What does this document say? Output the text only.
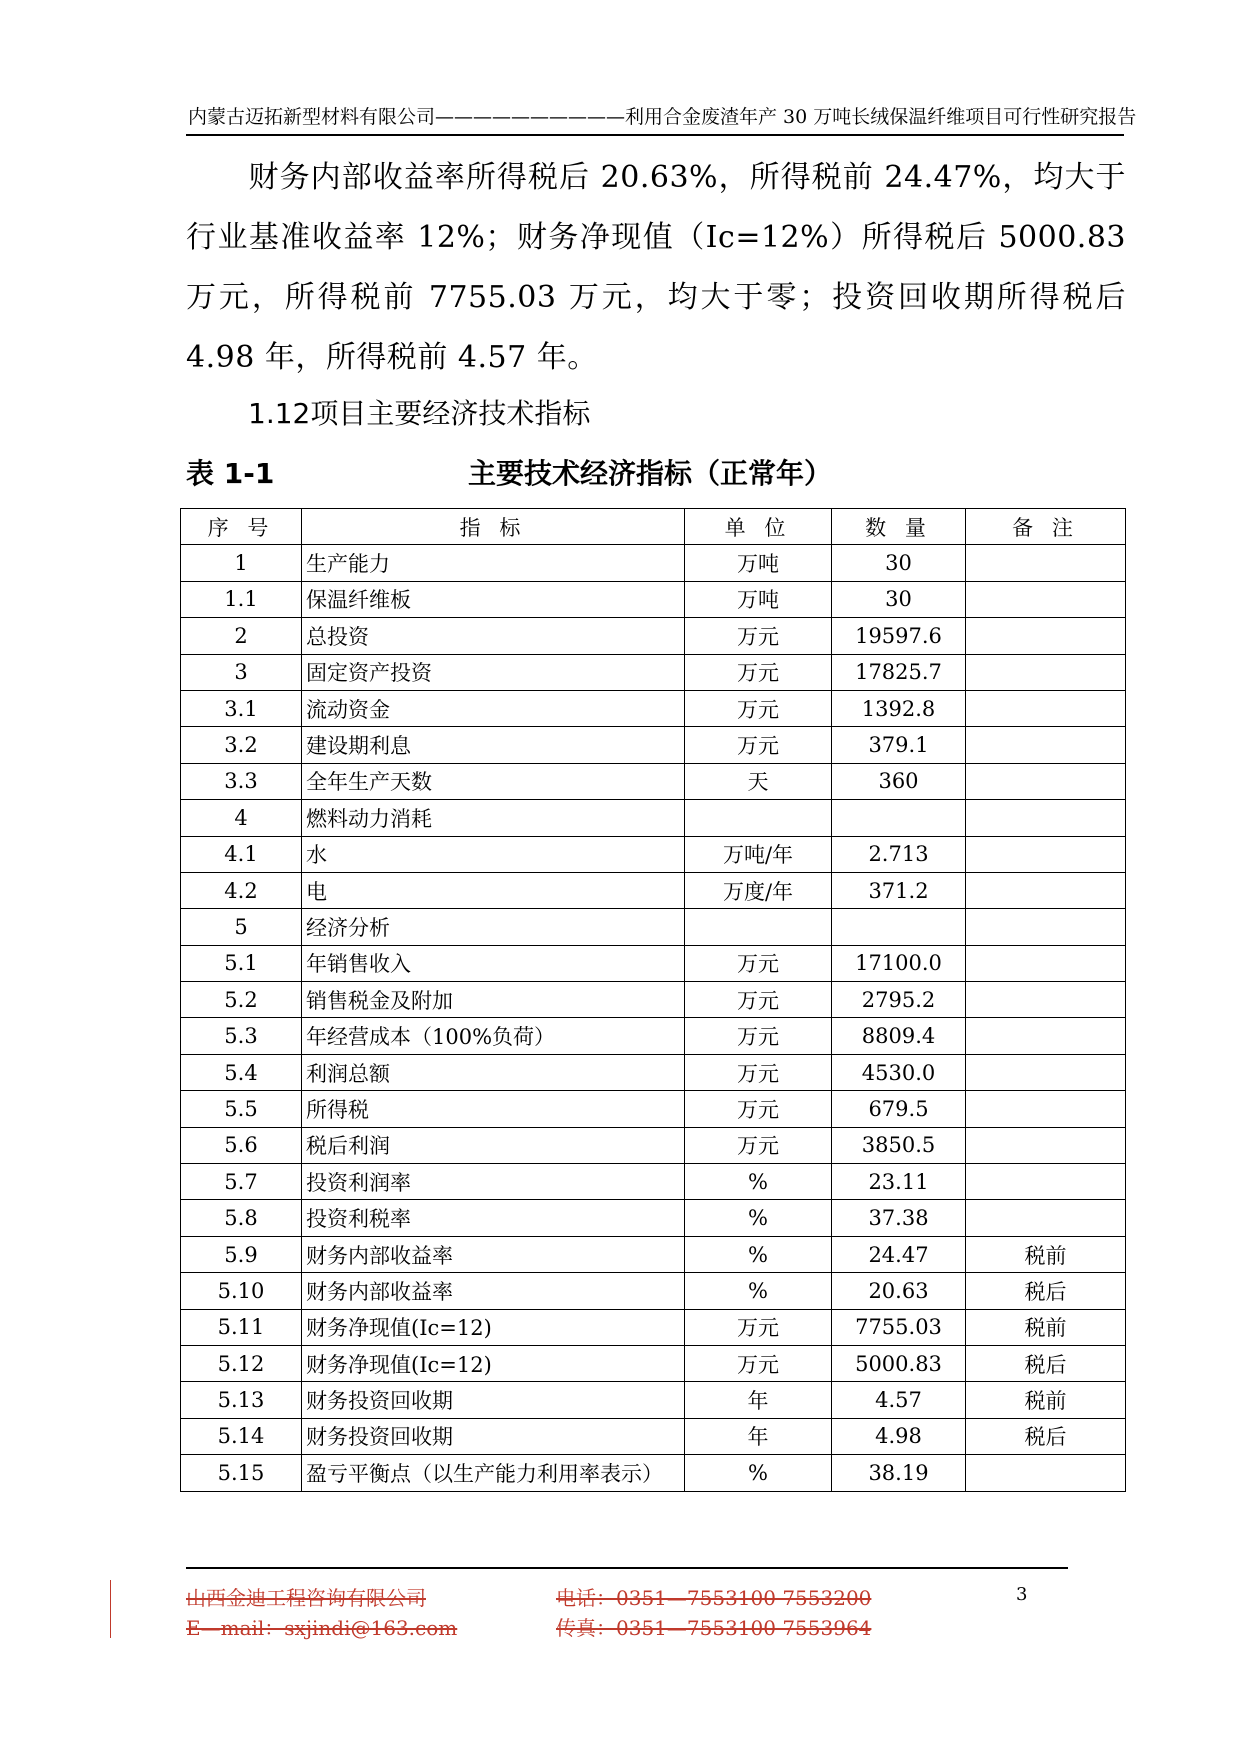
内蒙古迈拓新型材料有限公司——————————利用合金废渣年产 30 万吨长绒保温纤维项目可行性研究报告
财务内部收益率所得税后 20.63%，所得税前 24.47%，均大于行业基准收益率 12%；财务净现值（Ic=12%）所得税后 5000.83 万元，所得税前 7755.03 万元，均大于零；投资回收期所得税后 4.98 年，所得税前 4.57 年。
1.12项目主要经济技术指标
表 1-1	主要技术经济指标（正常年）
序 号	指 标	单 位	数 量	备 注
1	生产能力	万吨	30	
1.1	保温纤维板	万吨	30	
2	总投资	万元	19597.6	
3	固定资产投资	万元	17825.7	
3.1	流动资金	万元	1392.8	
3.2	建设期利息	万元	379.1	
3.3	全年生产天数	天	360	
4	燃料动力消耗			
4.1	水	万吨/年	2.713	
4.2	电	万度/年	371.2	
5	经济分析			
5.1	年销售收入	万元	17100.0	
5.2	销售税金及附加	万元	2795.2	
5.3	年经营成本（100%负荷）	万元	8809.4	
5.4	利润总额	万元	4530.0	
5.5	所得税	万元	679.5	
5.6	税后利润	万元	3850.5	
5.7	投资利润率	%	23.11	
5.8	投资利税率	%	37.38	
5.9	财务内部收益率	%	24.47	税前
5.10	财务内部收益率	%	20.63	税后
5.11	财务净现值(Ic=12)	万元	7755.03	税前
5.12	财务净现值(Ic=12)	万元	5000.83	税后
5.13	财务投资回收期	年	4.57	税前
5.14	财务投资回收期	年	4.98	税后
5.15	盈亏平衡点（以生产能力利用率表示）	%	38.19	
山西金迪工程咨询有限公司	电话：0351—7553100 7553200
E—mail：sxjindi@163.com	传真：0351—7553100 7553964
3
